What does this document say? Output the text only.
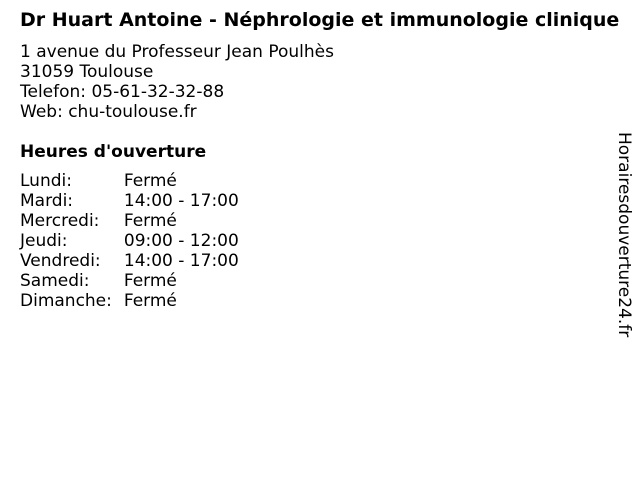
Dr Huart Antoine - Néphrologie et immunologie clinique
1 avenue du Professeur Jean Poulhès
31059 Toulouse
Telefon: 05-61-32-32-88
Web: chu-toulouse.fr
Heures d'ouverture
Lundi:	Fermé
Mardi:	14:00 - 17:00
Mercredi:	Fermé
Jeudi:	09:00 - 12:00
Vendredi:	14:00 - 17:00
Samedi:	Fermé
Dimanche:	Fermé	Horairesdouverture24.fr
